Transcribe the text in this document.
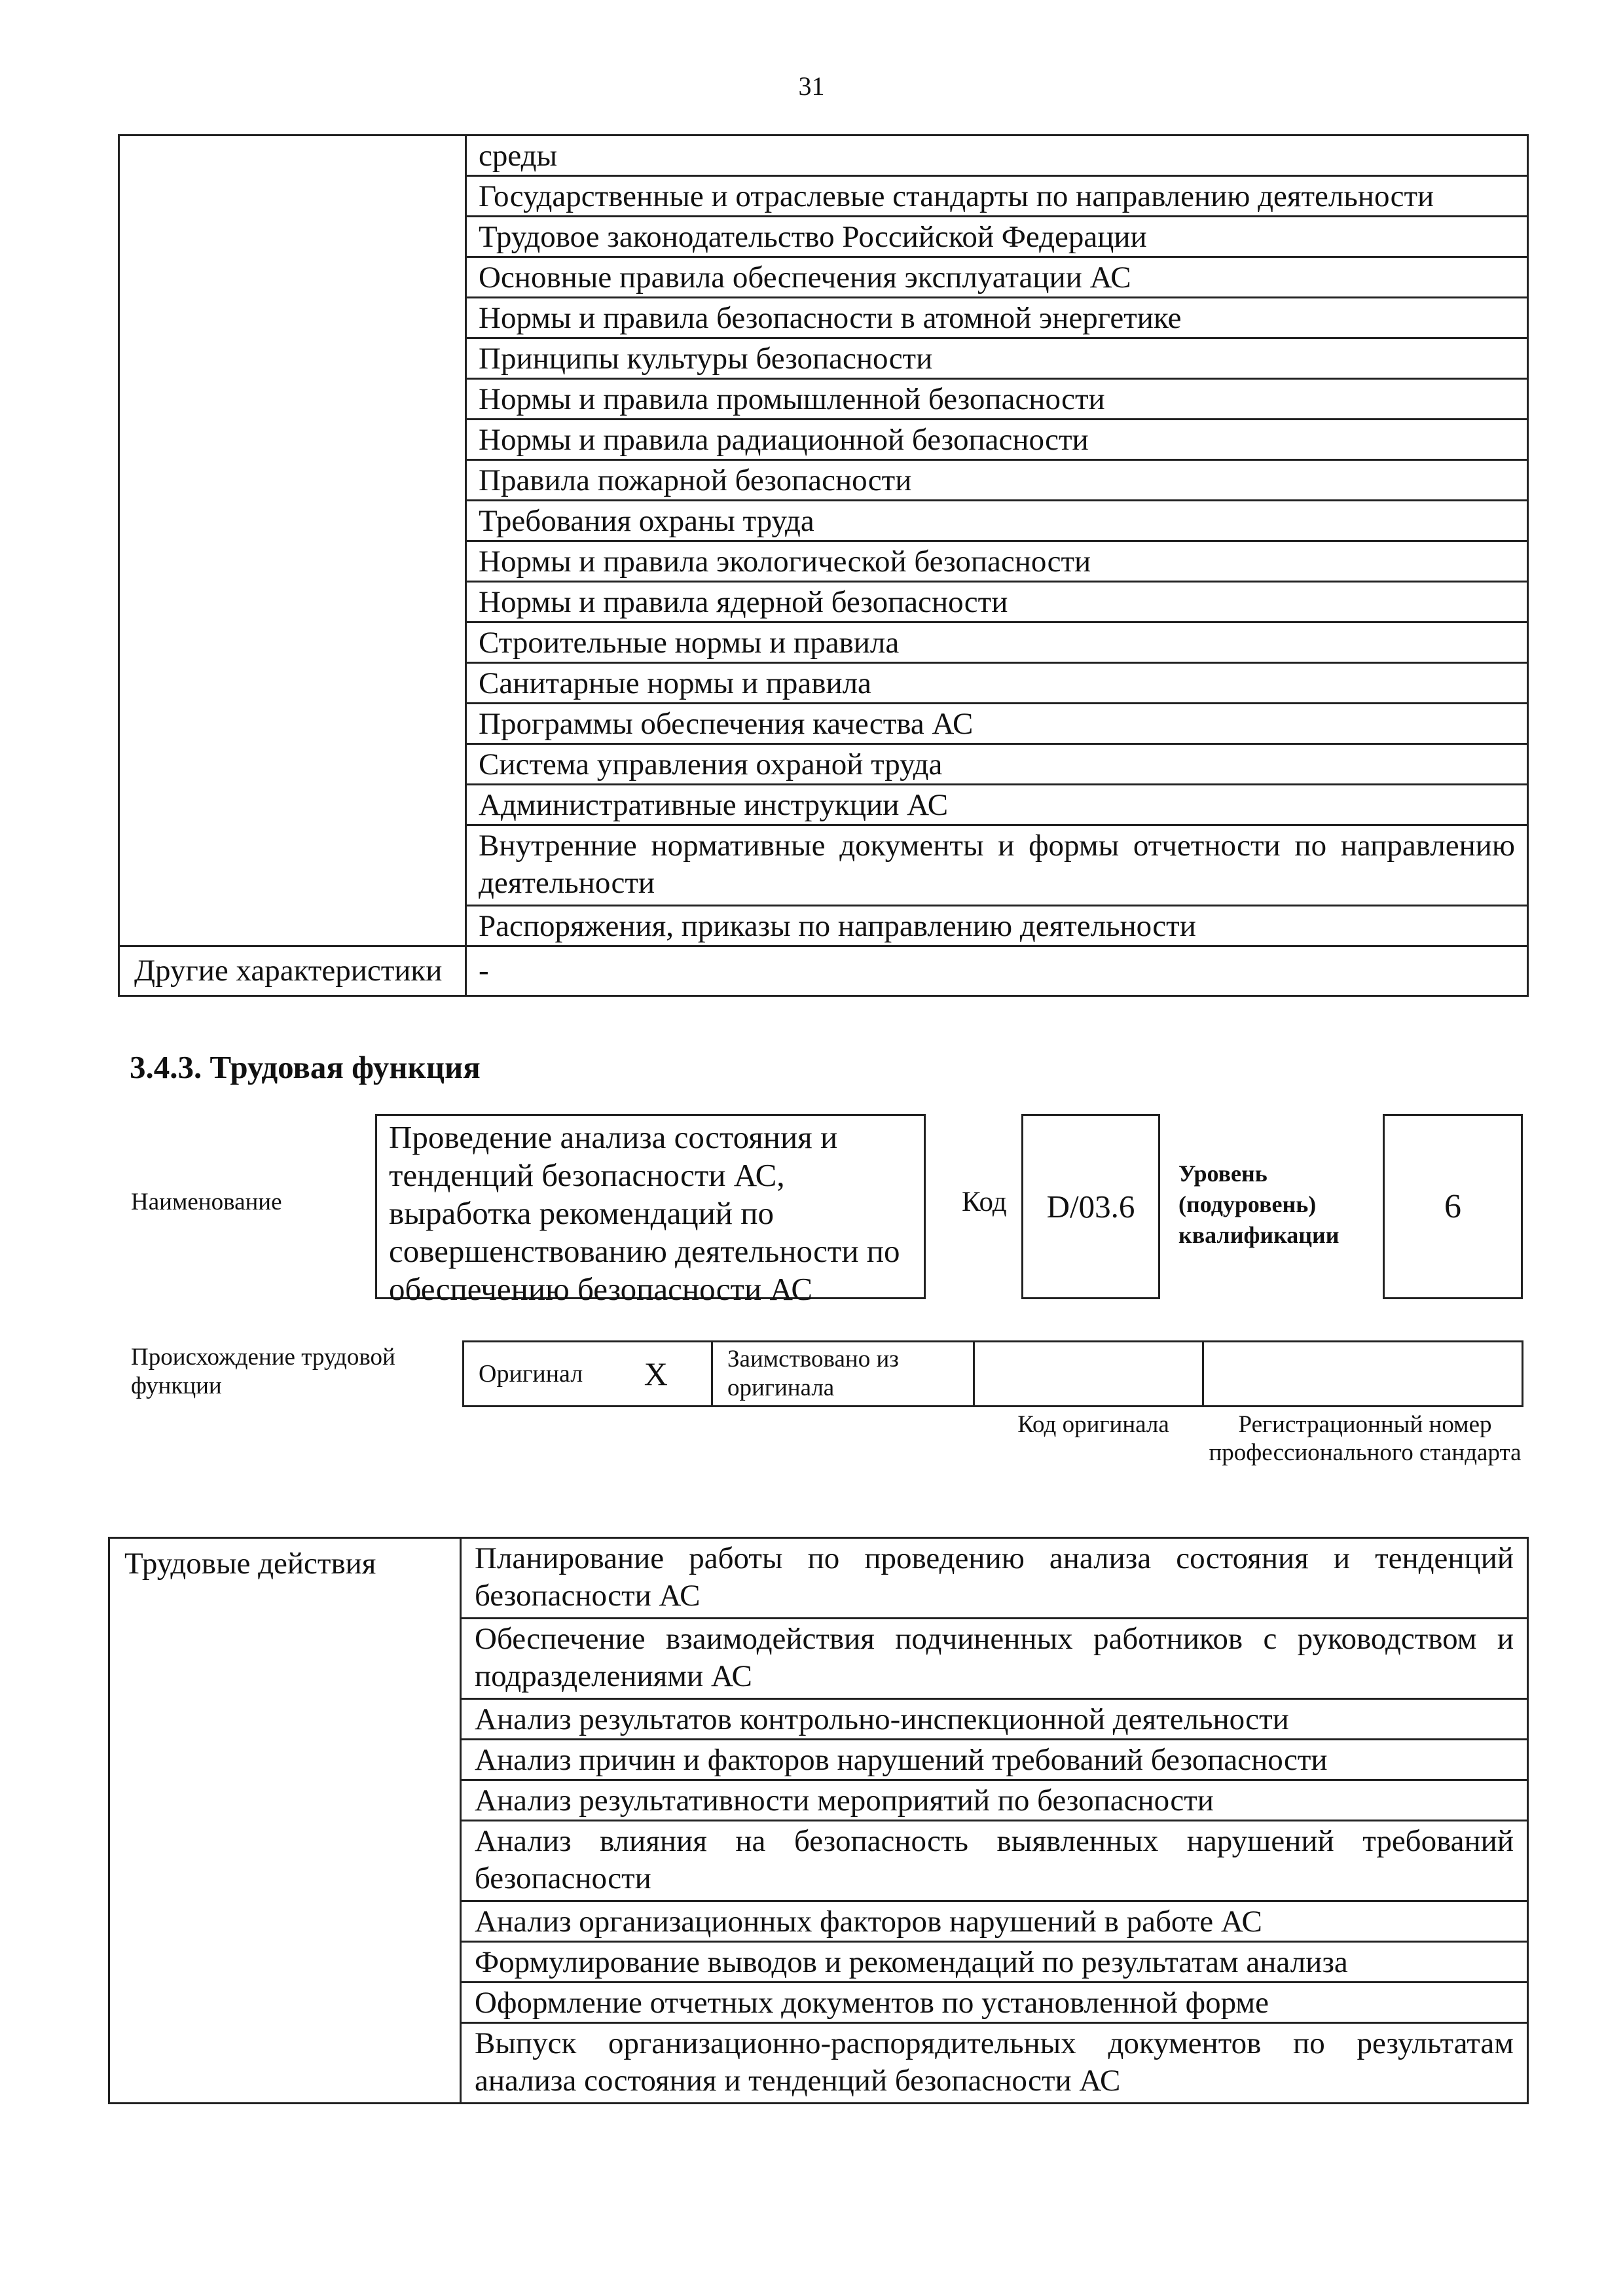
31
	среды
	Государственные и отраслевые стандарты по направлению деятельности
	Трудовое законодательство Российской Федерации
	Основные правила обеспечения эксплуатации АС
	Нормы и правила безопасности в атомной энергетике
	Принципы культуры безопасности
	Нормы и правила промышленной безопасности
	Нормы и правила радиационной безопасности
	Правила пожарной безопасности
	Требования охраны труда
	Нормы и правила экологической безопасности
	Нормы и правила ядерной безопасности
	Строительные нормы и правила
	Санитарные нормы и правила
	Программы обеспечения качества АС
	Система управления охраной труда
	Административные инструкции АС
	Внутренние нормативные документы и формы отчетности по направлению деятельности
	Распоряжения, приказы по направлению деятельности
Другие характеристики	-
3.4.3. Трудовая функция
Наименование
Проведение анализа состояния и тенденций безопасности АС, выработка рекомендаций по совершенствованию деятельности по обеспечению безопасности АС
Код D/03.6
Уровень (подуровень) квалификации
6
Происхождение трудовой функции	Оригинал	X	Заимствовано из оригинала		
Код оригинала	Регистрационный номер профессионального стандарта
Трудовые действия	Планирование работы по проведению анализа состояния и тенденций безопасности АС
Обеспечение взаимодействия подчиненных работников с руководством и подразделениями АС
Анализ результатов контрольно-инспекционной деятельности
Анализ причин и факторов нарушений требований безопасности
Анализ результативности мероприятий по безопасности
Анализ влияния на безопасность выявленных нарушений требований безопасности
Анализ организационных факторов нарушений в работе АС
Формулирование выводов и рекомендаций по результатам анализа
Оформление отчетных документов по установленной форме
Выпуск организационно-распорядительных документов по результатам анализа состояния и тенденций безопасности АС
